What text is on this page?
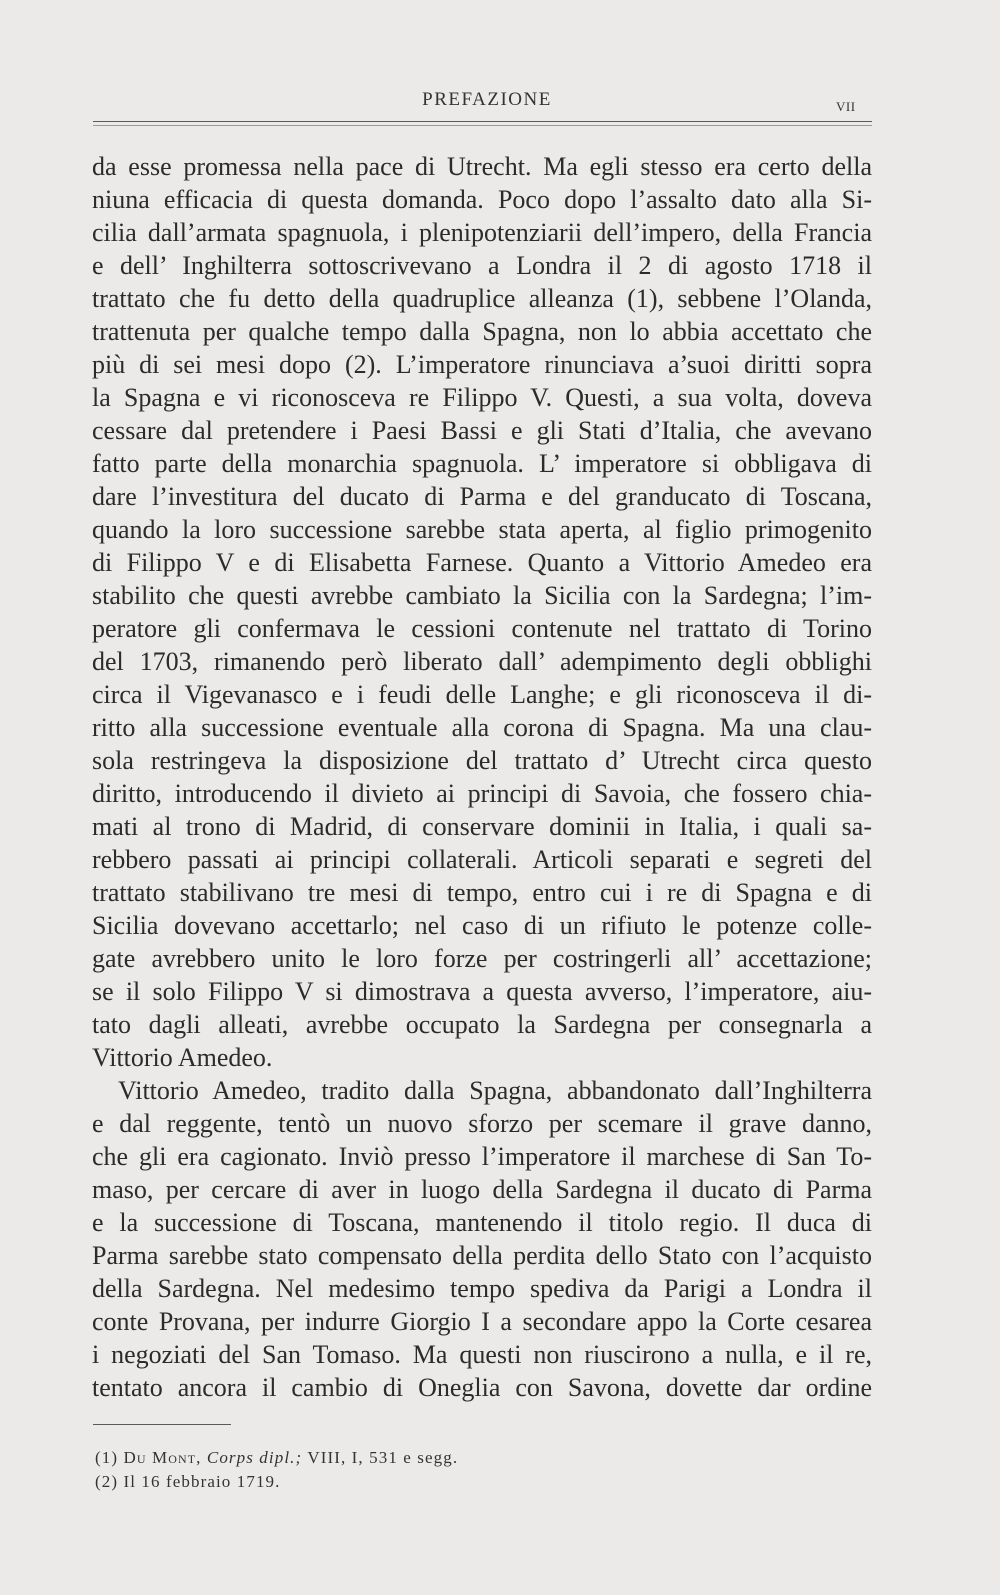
PREFAZIONE	VII
da esse promessa nella pace di Utrecht. Ma egli stesso era certo della
niuna efficacia di questa domanda. Poco dopo l’assalto dato alla Si-
cilia dall’armata spagnuola, i plenipotenziarii dell’impero, della Francia
e dell’ Inghilterra sottoscrivevano a Londra il 2 di agosto 1718 il
trattato che fu detto della quadruplice alleanza (1), sebbene l’Olanda,
trattenuta per qualche tempo dalla Spagna, non lo abbia accettato che
più di sei mesi dopo (2). L’imperatore rinunciava a’suoi diritti sopra
la Spagna e vi riconosceva re Filippo V. Questi, a sua volta, doveva
cessare dal pretendere i Paesi Bassi e gli Stati d’Italia, che avevano
fatto parte della monarchia spagnuola. L’ imperatore si obbligava di
dare l’investitura del ducato di Parma e del granducato di Toscana,
quando la loro successione sarebbe stata aperta, al figlio primogenito
di Filippo V e di Elisabetta Farnese. Quanto a Vittorio Amedeo era
stabilito che questi avrebbe cambiato la Sicilia con la Sardegna; l’im-
peratore gli confermava le cessioni contenute nel trattato di Torino
del 1703, rimanendo però liberato dall’ adempimento degli obblighi
circa il Vigevanasco e i feudi delle Langhe; e gli riconosceva il di-
ritto alla successione eventuale alla corona di Spagna. Ma una clau-
sola restringeva la disposizione del trattato d’ Utrecht circa questo
diritto, introducendo il divieto ai principi di Savoia, che fossero chia-
mati al trono di Madrid, di conservare dominii in Italia, i quali sa-
rebbero passati ai principi collaterali. Articoli separati e segreti del
trattato stabilivano tre mesi di tempo, entro cui i re di Spagna e di
Sicilia dovevano accettarlo; nel caso di un rifiuto le potenze colle-
gate avrebbero unito le loro forze per costringerli all’ accettazione;
se il solo Filippo V si dimostrava a questa avverso, l’imperatore, aiu-
tato dagli alleati, avrebbe occupato la Sardegna per consegnarla a
Vittorio Amedeo.
Vittorio Amedeo, tradito dalla Spagna, abbandonato dall’Inghilterra
e dal reggente, tentò un nuovo sforzo per scemare il grave danno,
che gli era cagionato. Inviò presso l’imperatore il marchese di San To-
maso, per cercare di aver in luogo della Sardegna il ducato di Parma
e la successione di Toscana, mantenendo il titolo regio. Il duca di
Parma sarebbe stato compensato della perdita dello Stato con l’acquisto
della Sardegna. Nel medesimo tempo spediva da Parigi a Londra il
conte Provana, per indurre Giorgio I a secondare appo la Corte cesarea
i negoziati del San Tomaso. Ma questi non riuscirono a nulla, e il re,
tentato ancora il cambio di Oneglia con Savona, dovette dar ordine
(1) Du Mont, Corps dipl.; VIII, I, 531 e segg.
(2) Il 16 febbraio 1719.
